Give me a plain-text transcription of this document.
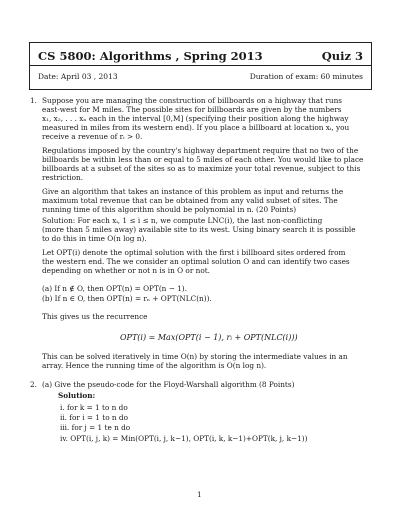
CS 5800: Algorithms , Spring 2013	Quiz 3
Date: April 03 , 2013	Duration of exam: 60 minutes
1. Suppose you are managing the construction of billboards on a highway that runs
east-west for M miles. The possible sites for billboards are given by the numbers
x₁, x₂, . . . xₙ each in the interval [0,M] (specifying their position along the highway
measured in miles from its western end). If you place a billboard at location xᵢ, you
receive a revenue of rᵢ > 0.
Regulations imposed by the country's highway department require that no two of the
billboards be within less than or equal to 5 miles of each other. You would like to place
billboards at a subset of the sites so as to maximize your total revenue, subject to this
restriction.
Give an algorithm that takes an instance of this problem as input and returns the
maximum total revenue that can be obtained from any valid subset of sites. The
running time of this algorithm should be polynomial in n. (20 Points)
Solution: For each xᵢ, 1 ≤ i ≤ n, we compute LNC(i), the last non-conflicting
(more than 5 miles away) available site to its west. Using binary search it is possible
to do this in time O(n log n).
Let OPT(i) denote the optimal solution with the first i billboard sites ordered from
the western end. The we consider an optimal solution O and can identify two cases
depending on whether or not n is in O or not.
(a) If n ∉ O, then OPT(n) = OPT(n − 1).
(b) If n ∈ O, then OPT(n) = rₙ + OPT(NLC(n)).
This gives us the recurrence
OPT(i) = Max(OPT(i − 1), rᵢ + OPT(NLC(i)))
This can be solved iteratively in time O(n) by storing the intermediate values in an
array. Hence the running time of the algorithm is O(n log n).
2. (a) Give the pseudo-code for the Floyd-Warshall algorithm (8 Points)
Solution:
i. for k = 1 to n do
ii. for i = 1 to n do
iii. for j = 1 te n do
iv. OPT(i, j, k) = Min(OPT(i, j, k−1), OPT(i, k, k−1)+OPT(k, j, k−1))
1
